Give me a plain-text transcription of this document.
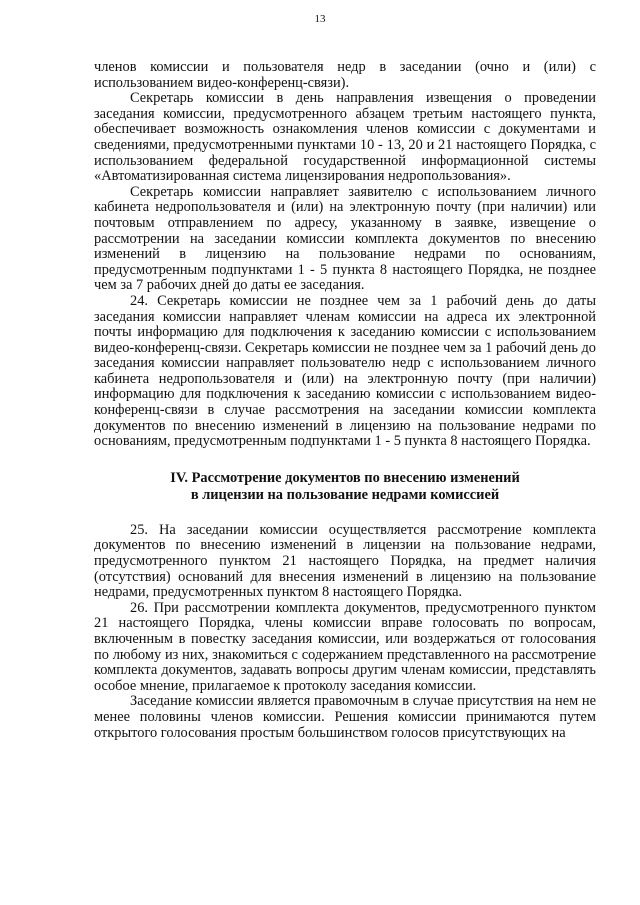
13

членов комиссии и пользователя недр в заседании (очно и (или) с использованием видео-конференц-связи).

Секретарь комиссии в день направления извещения о проведении заседания комиссии, предусмотренного абзацем третьим настоящего пункта, обеспечивает возможность ознакомления членов комиссии с документами и сведениями, предусмотренными пунктами 10 - 13, 20 и 21 настоящего Порядка, с использованием федеральной государственной информационной системы «Автоматизированная система лицензирования недропользования».

Секретарь комиссии направляет заявителю с использованием личного кабинета недропользователя и (или) на электронную почту (при наличии) или почтовым отправлением по адресу, указанному в заявке, извещение о рассмотрении на заседании комиссии комплекта документов по внесению изменений в лицензию на пользование недрами по основаниям, предусмотренным подпунктами 1 - 5 пункта 8 настоящего Порядка, не позднее чем за 7 рабочих дней до даты ее заседания.

24. Секретарь комиссии не позднее чем за 1 рабочий день до даты заседания комиссии направляет членам комиссии на адреса их электронной почты информацию для подключения к заседанию комиссии с использованием видео-конференц-связи. Секретарь комиссии не позднее чем за 1 рабочий день до заседания комиссии направляет пользователю недр с использованием личного кабинета недропользователя и (или) на электронную почту (при наличии) информацию для подключения к заседанию комиссии с использованием видео-конференц-связи в случае рассмотрения на заседании комиссии комплекта документов по внесению изменений в лицензию на пользование недрами по основаниям, предусмотренным подпунктами 1 - 5 пункта 8 настоящего Порядка.

IV. Рассмотрение документов по внесению изменений
в лицензии на пользование недрами комиссией

25. На заседании комиссии осуществляется рассмотрение комплекта документов по внесению изменений в лицензии на пользование недрами, предусмотренного пунктом 21 настоящего Порядка, на предмет наличия (отсутствия) оснований для внесения изменений в лицензию на пользование недрами, предусмотренных пунктом 8 настоящего Порядка.

26. При рассмотрении комплекта документов, предусмотренного пунктом 21 настоящего Порядка, члены комиссии вправе голосовать по вопросам, включенным в повестку заседания комиссии, или воздержаться от голосования по любому из них, знакомиться с содержанием представленного на рассмотрение комплекта документов, задавать вопросы другим членам комиссии, представлять особое мнение, прилагаемое к протоколу заседания комиссии.

Заседание комиссии является правомочным в случае присутствия на нем не менее половины членов комиссии. Решения комиссии принимаются путем открытого голосования простым большинством голосов присутствующих на
